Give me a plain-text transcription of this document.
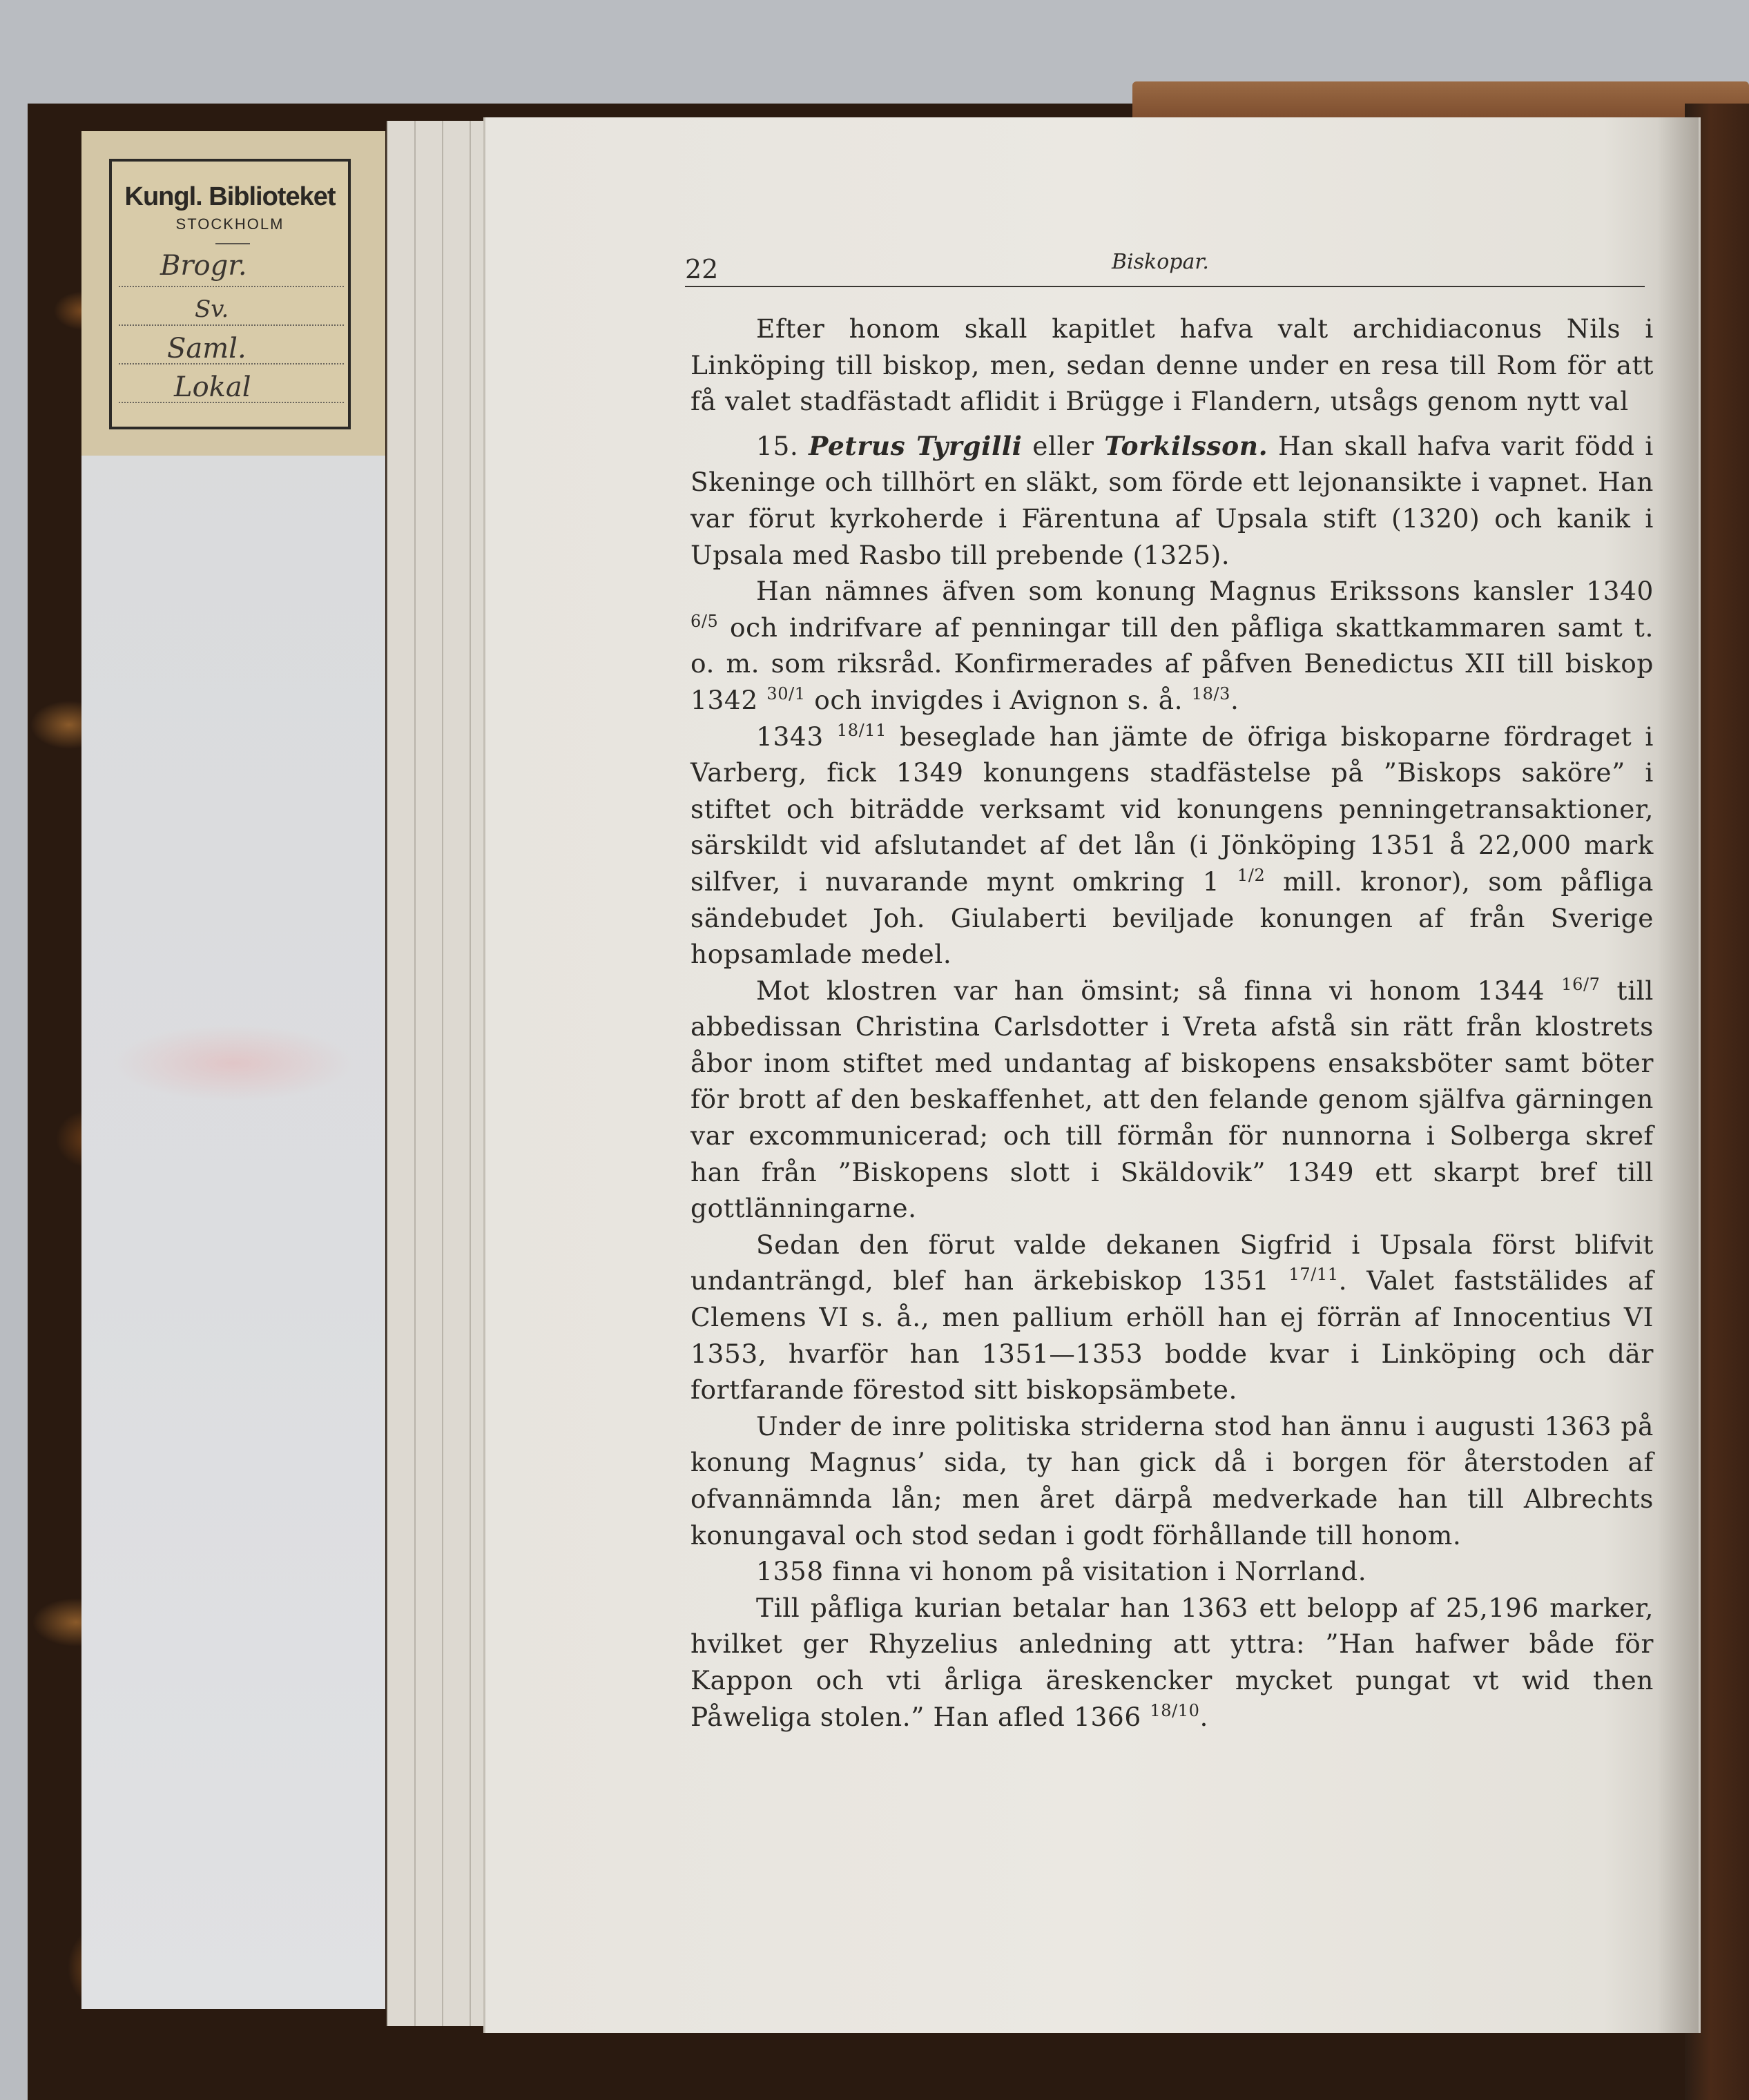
Kungl. Biblioteket
STOCKHOLM
Brogr.
Sv.
Saml.
Lokal
22	Biskopar.

Efter honom skall kapitlet hafva valt archidiaconus Nils i Linköping till biskop, men, sedan denne under en resa till Rom för att få valet stadfästadt aflidit i Brügge i Flandern, utsågs genom nytt val

15. Petrus Tyrgilli eller Torkilsson. Han skall hafva varit född i Skeninge och tillhört en släkt, som förde ett lejonansikte i vapnet. Han var förut kyrkoherde i Färentuna af Upsala stift (1320) och kanik i Upsala med Rasbo till prebende (1325).

Han nämnes äfven som konung Magnus Erikssons kansler 1340 $^{6/5}$ och indrifvare af penningar till den påfliga skattkammaren samt t. o. m. som riksråd. Konfirmerades af påfven Benedictus XII till biskop 1342 $^{30/1}$ och invigdes i Avignon s. å. $^{18/3}$.

1343 $^{18/11}$ beseglade han jämte de öfriga biskoparne fördraget i Varberg, fick 1349 konungens stadfästelse på ”Biskops saköre” i stiftet och biträdde verksamt vid konungens penningetransaktioner, särskildt vid afslutandet af det lån (i Jönköping 1351 å 22,000 mark silfver, i nuvarande mynt omkring 1 $^{1/2}$ mill. kronor), som påfliga sändebudet Joh. Giulaberti beviljade konungen af från Sverige hopsamlade medel.

Mot klostren var han ömsint; så finna vi honom 1344 $^{16/7}$ till abbedissan Christina Carlsdotter i Vreta afstå sin rätt från klostrets åbor inom stiftet med undantag af biskopens ensaksböter samt böter för brott af den beskaffenhet, att den felande genom själfva gärningen var excommunicerad; och till förmån för nunnorna i Solberga skref han från ”Biskopens slott i Skäldovik” 1349 ett skarpt bref till gottlänningarne.

Sedan den förut valde dekanen Sigfrid i Upsala först blifvit undanträngd, blef han ärkebiskop 1351 $^{17/11}$. Valet faststälides af Clemens VI s. å., men pallium erhöll han ej förrän af Innocentius VI 1353, hvarför han 1351—1353 bodde kvar i Linköping och där fortfarande förestod sitt biskopsämbete.

Under de inre politiska striderna stod han ännu i augusti 1363 på konung Magnus’ sida, ty han gick då i borgen för återstoden af ofvannämnda lån; men året därpå medverkade han till Albrechts konungaval och stod sedan i godt förhållande till honom.

1358 finna vi honom på visitation i Norrland.

Till påfliga kurian betalar han 1363 ett belopp af 25,196 marker, hvilket ger Rhyzelius anledning att yttra: ”Han hafwer både för Kappon och vti årliga äreskencker mycket pungat vt wid then Påweliga stolen.” Han afled 1366 $^{18/10}$.
